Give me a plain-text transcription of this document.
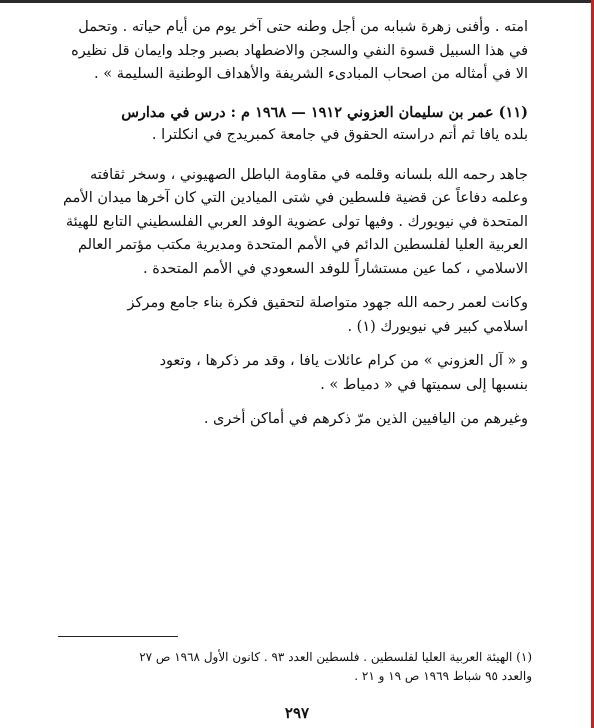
امته . وأفنى زهرة شبابه من أجل وطنه حتى آخر يوم من أيام حياته . وتحمل
في هذا السبيل قسوة النفي والسجن والاضطهاد بصبر وجلد وايمان قل نظيره
الا في أمثاله من اصحاب المبادىء الشريفة والأهداف الوطنية السليمة » .
(١١) عمر بن سليمان العزوني ١٩١٢ — ١٩٦٨ م : درس في مدارس
بلده يافا ثم أتم دراسته الحقوق في جامعة كمبريدج في انكلترا .
جاهد رحمه الله بلسانه وقلمه في مقاومة الباطل الصهيوني ، وسخر ثقافته
وعلمه دفاعاً عن قضية فلسطين في شتى الميادين التي كان آخرها ميدان الأمم
المتحدة في نيويورك . وفيها تولى عضوية الوفد العربي الفلسطيني التابع للهيئة
العربية العليا لفلسطين الدائم في الأمم المتحدة ومديرية مكتب مؤتمر العالم
الاسلامي ، كما عين مستشاراً للوفد السعودي في الأمم المتحدة .
وكانت لعمر رحمه الله جهود متواصلة لتحقيق فكرة بناء جامع ومركز
اسلامي كبير في نيويورك (١) .
و « آل العزوني » من كرام عائلات يافا ، وقد مر ذكرها ، وتعود
بنسبها إلى سميتها في « دمياط » .
وغيرهم من اليافيين الذين مرّ ذكرهم في أماكن أخرى .
(١) الهيئة العربية العليا لفلسطين . فلسطين العدد ٩٣ . كانون الأول ١٩٦٨ ص ٢٧
والعدد ٩٥ شباط ١٩٦٩ ص ١٩ و ٢١ .
٢٩٧
